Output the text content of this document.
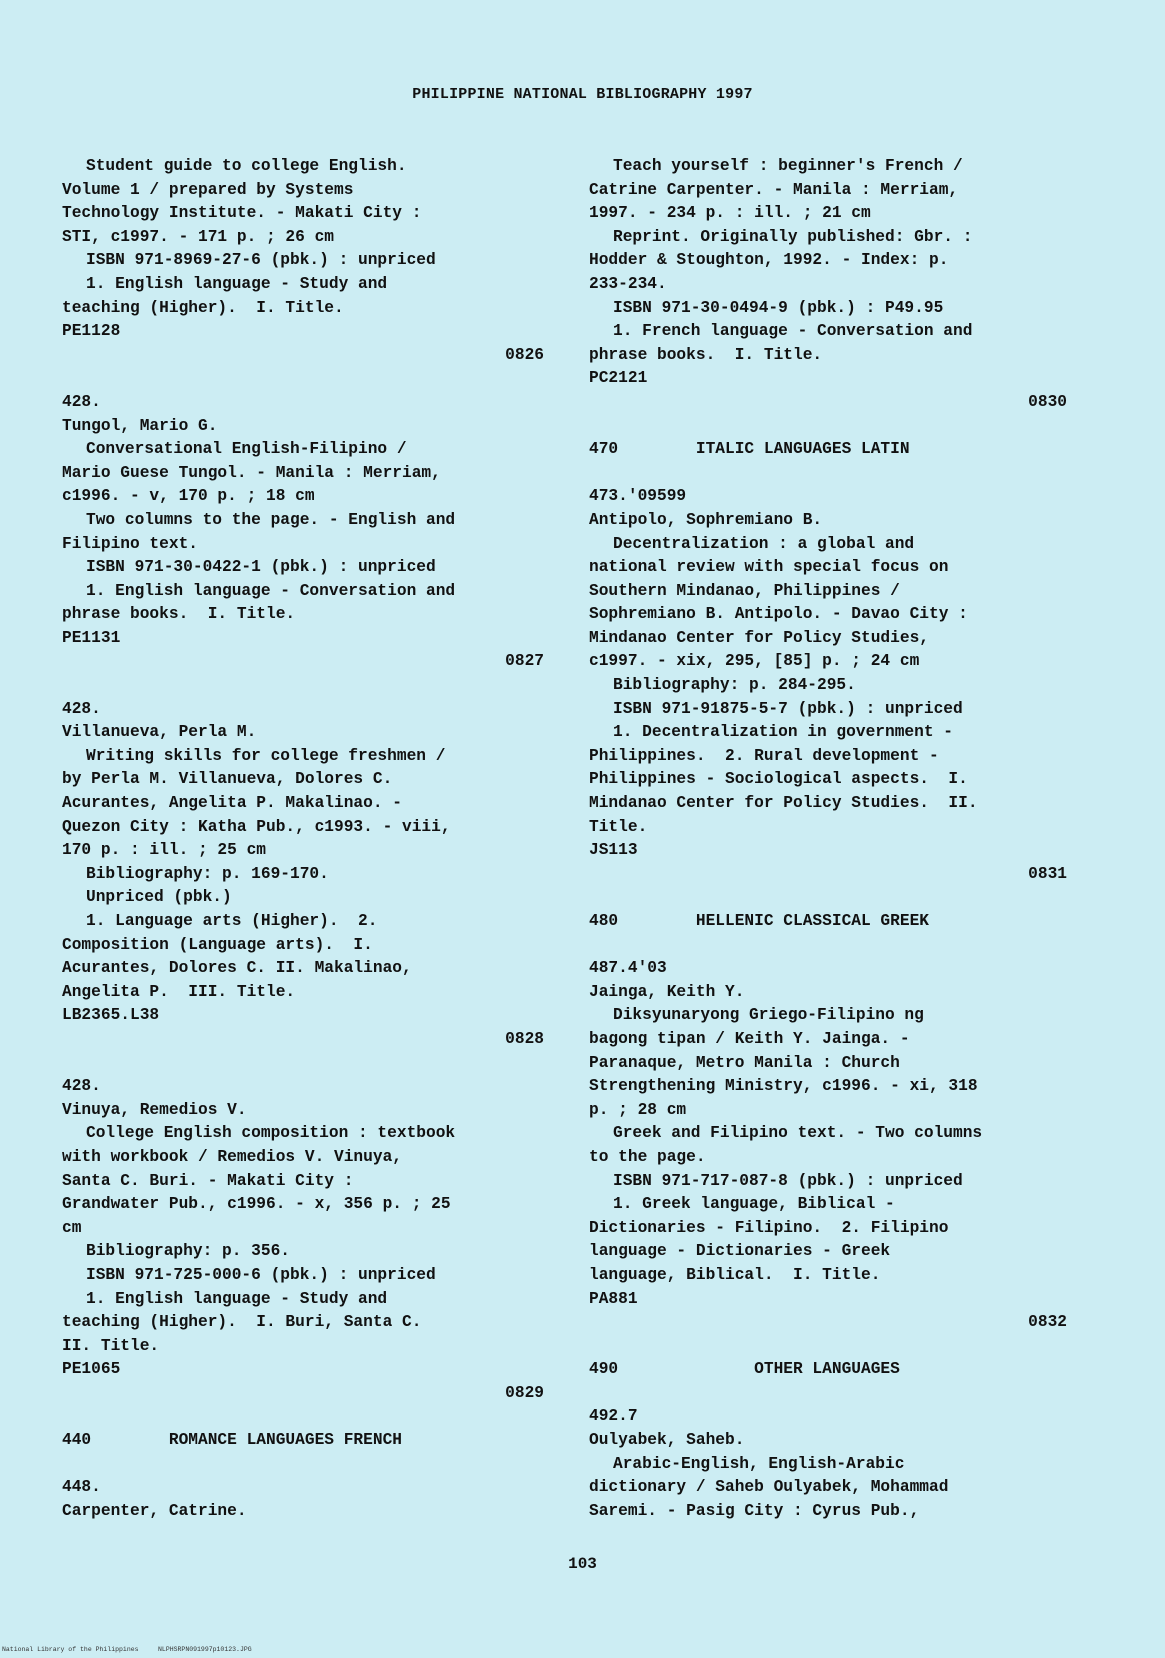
PHILIPPINE NATIONAL BIBLIOGRAPHY 1997
Student guide to college English.
Volume 1 / prepared by Systems
Technology Institute. - Makati City :
STI, c1997. - 171 p. ; 26 cm
ISBN 971-8969-27-6 (pbk.) : unpriced
1. English language - Study and
teaching (Higher).  I. Title.
PE1128
0826
428.
Tungol, Mario G.
Conversational English-Filipino /
Mario Guese Tungol. - Manila : Merriam,
c1996. - v, 170 p. ; 18 cm
Two columns to the page. - English and
Filipino text.
ISBN 971-30-0422-1 (pbk.) : unpriced
1. English language - Conversation and
phrase books.  I. Title.
PE1131
0827
428.
Villanueva, Perla M.
Writing skills for college freshmen /
by Perla M. Villanueva, Dolores C.
Acurantes, Angelita P. Makalinao. -
Quezon City : Katha Pub., c1993. - viii,
170 p. : ill. ; 25 cm
Bibliography: p. 169-170.
Unpriced (pbk.)
1. Language arts (Higher).  2.
Composition (Language arts).  I.
Acurantes, Dolores C. II. Makalinao,
Angelita P.  III. Title.
LB2365.L38
0828
428.
Vinuya, Remedios V.
College English composition : textbook
with workbook / Remedios V. Vinuya,
Santa C. Buri. - Makati City :
Grandwater Pub., c1996. - x, 356 p. ; 25
cm
Bibliography: p. 356.
ISBN 971-725-000-6 (pbk.) : unpriced
1. English language - Study and
teaching (Higher).  I. Buri, Santa C.
II. Title.
PE1065
0829
440        ROMANCE LANGUAGES FRENCH
448.
Carpenter, Catrine.
Teach yourself : beginner's French /
Catrine Carpenter. - Manila : Merriam,
1997. - 234 p. : ill. ; 21 cm
Reprint. Originally published: Gbr. :
Hodder & Stoughton, 1992. - Index: p.
233-234.
ISBN 971-30-0494-9 (pbk.) : P49.95
1. French language - Conversation and
phrase books.  I. Title.
PC2121
0830
470        ITALIC LANGUAGES LATIN
473.'09599
Antipolo, Sophremiano B.
Decentralization : a global and
national review with special focus on
Southern Mindanao, Philippines /
Sophremiano B. Antipolo. - Davao City :
Mindanao Center for Policy Studies,
c1997. - xix, 295, [85] p. ; 24 cm
Bibliography: p. 284-295.
ISBN 971-91875-5-7 (pbk.) : unpriced
1. Decentralization in government -
Philippines.  2. Rural development -
Philippines - Sociological aspects.  I.
Mindanao Center for Policy Studies.  II.
Title.
JS113
0831
480        HELLENIC CLASSICAL GREEK
487.4'03
Jainga, Keith Y.
Diksyunaryong Griego-Filipino ng
bagong tipan / Keith Y. Jainga. -
Paranaque, Metro Manila : Church
Strengthening Ministry, c1996. - xi, 318
p. ; 28 cm
Greek and Filipino text. - Two columns
to the page.
ISBN 971-717-087-8 (pbk.) : unpriced
1. Greek language, Biblical -
Dictionaries - Filipino.  2. Filipino
language - Dictionaries - Greek
language, Biblical.  I. Title.
PA881
0832
490              OTHER LANGUAGES
492.7
Oulyabek, Saheb.
Arabic-English, English-Arabic
dictionary / Saheb Oulyabek, Mohammad
Saremi. - Pasig City : Cyrus Pub.,
103
National Library of the Philippines     NLPHSRPN091997p10123.JPG
